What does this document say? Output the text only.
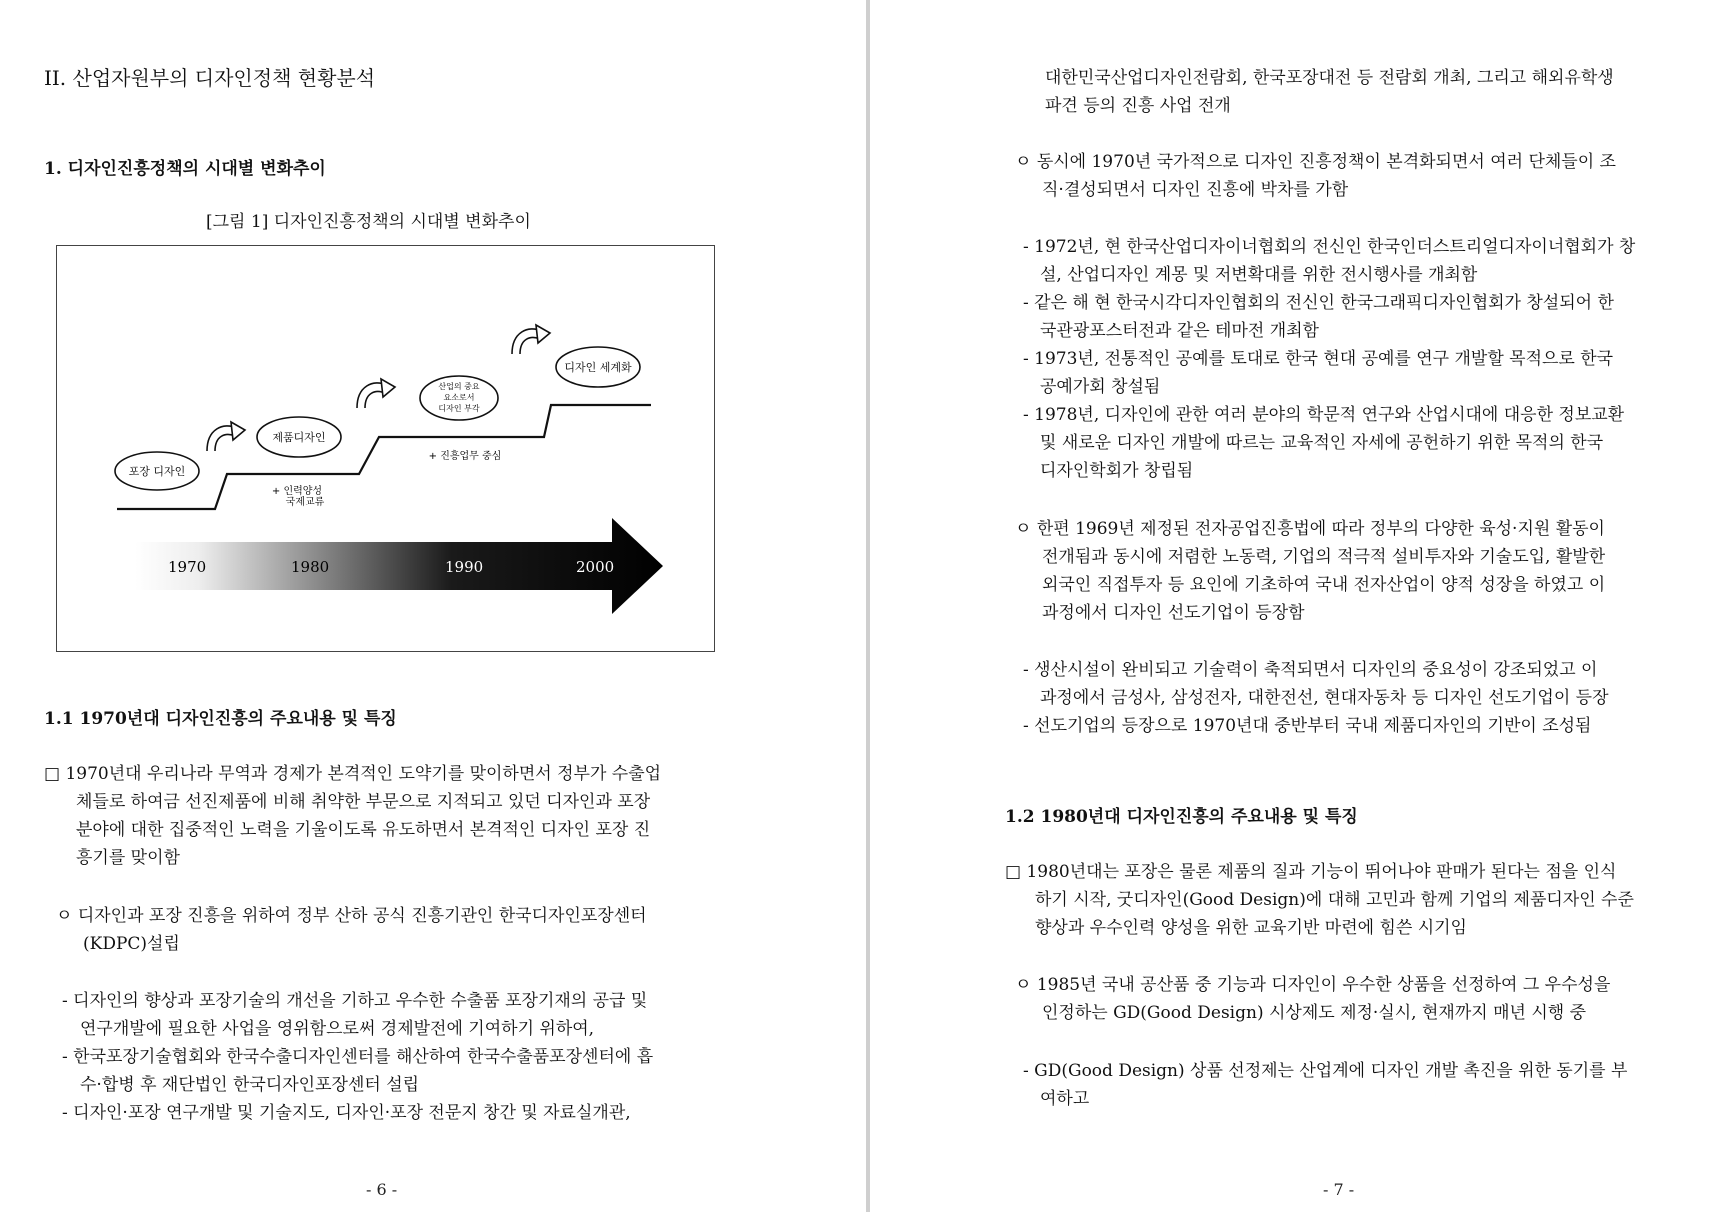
II. 산업자원부의 디자인정책 현황분석
1. 디자인진흥정책의 시대별 변화추이
[그림 1] 디자인진흥정책의 시대별 변화추이
포장 디자인
제품디자인
산업의 중요
요소로서
디자인 부각
디자인 세계화
+ 인력양성
국제교류
+ 진흥업무 중심
1970	1980	1990	2000
1.1 1970년대 디자인진흥의 주요내용 및 특징
□ 1970년대 우리나라 무역과 경제가 본격적인 도약기를 맞이하면서 정부가 수출업
체들로 하여금 선진제품에 비해 취약한 부문으로 지적되고 있던 디자인과 포장
분야에 대한 집중적인 노력을 기울이도록 유도하면서 본격적인 디자인 포장 진
흥기를 맞이함
ㅇ 디자인과 포장 진흥을 위하여 정부 산하 공식 진흥기관인 한국디자인포장센터
(KDPC)설립
- 디자인의 향상과 포장기술의 개선을 기하고 우수한 수출품 포장기재의 공급 및
연구개발에 필요한 사업을 영위함으로써 경제발전에 기여하기 위하여,
- 한국포장기술협회와 한국수출디자인센터를 해산하여 한국수출품포장센터에 흡
수·합병 후 재단법인 한국디자인포장센터 설립
- 디자인·포장 연구개발 및 기술지도, 디자인·포장 전문지 창간 및 자료실개관,
- 6 -
대한민국산업디자인전람회, 한국포장대전 등 전람회 개최, 그리고 해외유학생
파견 등의 진흥 사업 전개
ㅇ 동시에 1970년 국가적으로 디자인 진흥정책이 본격화되면서 여러 단체들이 조
직·결성되면서 디자인 진흥에 박차를 가함
- 1972년, 현 한국산업디자이너협회의 전신인 한국인더스트리얼디자이너협회가 창
설, 산업디자인 계몽 및 저변확대를 위한 전시행사를 개최함
- 같은 해 현 한국시각디자인협회의 전신인 한국그래픽디자인협회가 창설되어 한
국관광포스터전과 같은 테마전 개최함
- 1973년, 전통적인 공예를 토대로 한국 현대 공예를 연구 개발할 목적으로 한국
공예가회 창설됨
- 1978년, 디자인에 관한 여러 분야의 학문적 연구와 산업시대에 대응한 정보교환
및 새로운 디자인 개발에 따르는 교육적인 자세에 공헌하기 위한 목적의 한국
디자인학회가 창립됨
ㅇ 한편 1969년 제정된 전자공업진흥법에 따라 정부의 다양한 육성·지원 활동이
전개됨과 동시에 저렴한 노동력, 기업의 적극적 설비투자와 기술도입, 활발한
외국인 직접투자 등 요인에 기초하여 국내 전자산업이 양적 성장을 하였고 이
과정에서 디자인 선도기업이 등장함
- 생산시설이 완비되고 기술력이 축적되면서 디자인의 중요성이 강조되었고 이
과정에서 금성사, 삼성전자, 대한전선, 현대자동차 등 디자인 선도기업이 등장
- 선도기업의 등장으로 1970년대 중반부터 국내 제품디자인의 기반이 조성됨
1.2 1980년대 디자인진흥의 주요내용 및 특징
□ 1980년대는 포장은 물론 제품의 질과 기능이 뛰어나야 판매가 된다는 점을 인식
하기 시작, 굿디자인(Good Design)에 대해 고민과 함께 기업의 제품디자인 수준
향상과 우수인력 양성을 위한 교육기반 마련에 힘쓴 시기임
ㅇ 1985년 국내 공산품 중 기능과 디자인이 우수한 상품을 선정하여 그 우수성을
인정하는 GD(Good Design) 시상제도 제정·실시, 현재까지 매년 시행 중
- GD(Good Design) 상품 선정제는 산업계에 디자인 개발 촉진을 위한 동기를 부
여하고
- 7 -
